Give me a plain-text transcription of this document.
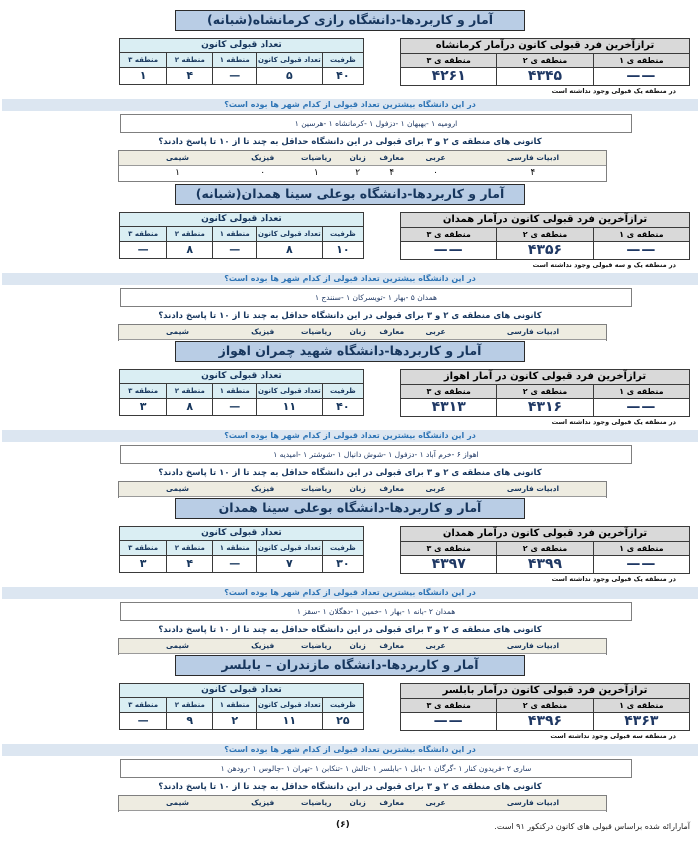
آمار و کاربردها-دانشگاه رازی کرمانشاه(شبانه)
ترازآخرین فرد قبولی کانون درآمار کرمانشاه
منطقه ی ۱
منطقه ی ۲
منطقه ی ۳
——
۴۳۴۵
۴۲۶۱
در منطقه یک قبولی وجود نداشته است
تعداد قبولی کانون
ظرفیت
تعداد قبولی کانون
منطقه ۱
منطقه ۲
منطقه ۳
۴۰
۵
—
۴
۱
در این دانشگاه بیشترین تعداد قبولی از کدام شهر ها بوده است؟
ارومیه ۱ -بهبهان ۱ -دزفول ۱ -کرمانشاه ۱ -هرسین ۱
کانونی های منطقه ی ۲ و ۳ برای قبولی در این دانشگاه حداقل به چند تا از ۱۰ تا پاسخ دادند؟
ادبیات فارسی
عربی
معارف
زبان
ریاضیات
فیزیک
شیمی
۴
۰
۴
۲
۱
۰
۱
آمار و کاربردها-دانشگاه بوعلی سینا همدان(شبانه)
ترازآخرین فرد قبولی کانون درآمار همدان
منطقه ی ۱
منطقه ی ۲
منطقه ی ۳
——
۴۳۵۶
——
در منطقه یک و سه قبولی وجود نداشته است
تعداد قبولی کانون
ظرفیت
تعداد قبولی کانون
منطقه ۱
منطقه ۲
منطقه ۳
۱۰
۸
—
۸
—
در این دانشگاه بیشترین تعداد قبولی از کدام شهر ها بوده است؟
همدان ۵ -بهار ۱ -تویسرکان ۱ -سنندج ۱
کانونی های منطقه ی ۲ و ۳ برای قبولی در این دانشگاه حداقل به چند تا از ۱۰ تا پاسخ دادند؟
ادبیات فارسی
عربی
معارف
زبان
ریاضیات
فیزیک
شیمی
آمار و کاربردها-دانشگاه شهید چمران اهواز
ترازآخرین فرد قبولی کانون در آمار اهواز
منطقه ی ۱
منطقه ی ۲
منطقه ی ۳
——
۴۳۱۶
۴۳۱۳
در منطقه یک قبولی وجود نداشته است
تعداد قبولی کانون
ظرفیت
تعداد قبولی کانون
منطقه ۱
منطقه ۲
منطقه ۳
۴۰
۱۱
—
۸
۳
در این دانشگاه بیشترین تعداد قبولی از کدام شهر ها بوده است؟
اهواز ۶ -خرم آباد ۱ -دزفول ۱ -شوش دانیال ۱ -شوشتر ۱ -امیدیه ۱
کانونی های منطقه ی ۲ و ۳ برای قبولی در این دانشگاه حداقل به چند تا از ۱۰ تا پاسخ دادند؟
ادبیات فارسی
عربی
معارف
زبان
ریاضیات
فیزیک
شیمی
آمار و کاربردها-دانشگاه بوعلی سینا همدان
ترازآخرین فرد قبولی کانون درآمار همدان
منطقه ی ۱
منطقه ی ۲
منطقه ی ۳
——
۴۳۹۹
۴۳۹۷
در منطقه یک قبولی وجود نداشته است
تعداد قبولی کانون
ظرفیت
تعداد قبولی کانون
منطقه ۱
منطقه ۲
منطقه ۳
۳۰
۷
—
۴
۳
در این دانشگاه بیشترین تعداد قبولی از کدام شهر ها بوده است؟
همدان ۲ -بانه ۱ -بهار ۱ -خمین ۱ -دهگلان ۱ -سقز ۱
کانونی های منطقه ی ۲ و ۳ برای قبولی در این دانشگاه حداقل به چند تا از ۱۰ تا پاسخ دادند؟
ادبیات فارسی
عربی
معارف
زبان
ریاضیات
فیزیک
شیمی
آمار و کاربردها-دانشگاه مازندران – بابلسر
ترازآخرین فرد قبولی کانون درآمار بابلسر
منطقه ی ۱
منطقه ی ۲
منطقه ی ۳
۴۳۶۳
۴۳۹۶
——
در منطقه سه قبولی وجود نداشته است
تعداد قبولی کانون
ظرفیت
تعداد قبولی کانون
منطقه ۱
منطقه ۲
منطقه ۳
۲۵
۱۱
۲
۹
—
در این دانشگاه بیشترین تعداد قبولی از کدام شهر ها بوده است؟
ساری ۲ -فریدون کنار ۱ -گرگان ۱ -بابل ۱ -بابلسر ۱ -تالش ۱ -تنکابن ۱ -تهران ۱ -چالوس ۱ -رودهن ۱
کانونی های منطقه ی ۲ و ۳ برای قبولی در این دانشگاه حداقل به چند تا از ۱۰ تا پاسخ دادند؟
ادبیات فارسی
عربی
معارف
زبان
ریاضیات
فیزیک
شیمی
آمارارائه شده براساس قبولی های کانون درکنکور ۹۱ است.
(۶)
